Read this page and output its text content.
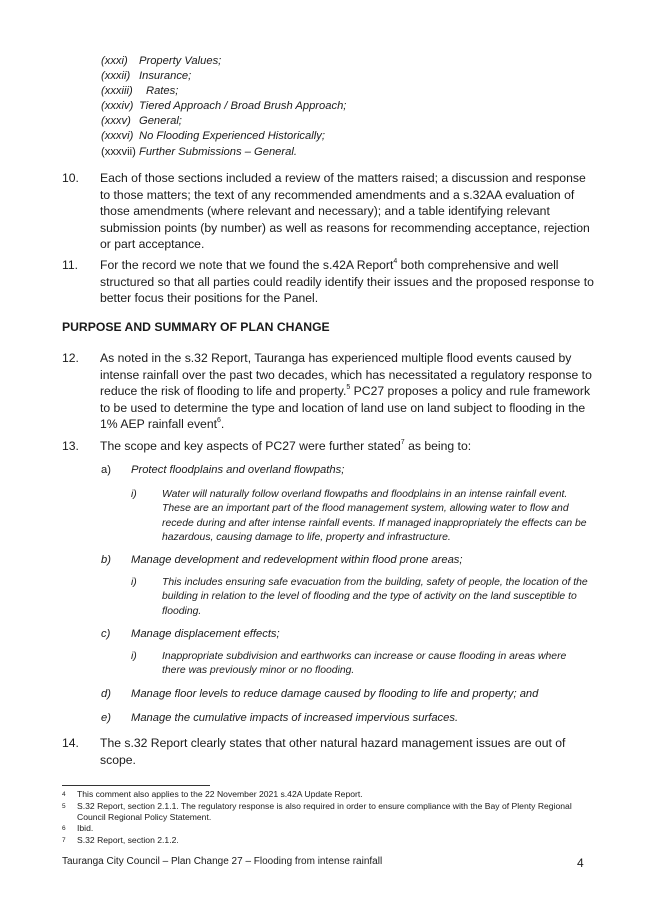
(xxxi) Property Values;
(xxxii) Insurance;
(xxxiii) Rates;
(xxxiv) Tiered Approach / Broad Brush Approach;
(xxxv) General;
(xxxvi) No Flooding Experienced Historically;
(xxxvii) Further Submissions – General.
10. Each of those sections included a review of the matters raised; a discussion and response to those matters; the text of any recommended amendments and a s.32AA evaluation of those amendments (where relevant and necessary); and a table identifying relevant submission points (by number) as well as reasons for recommending acceptance, rejection or part acceptance.
11. For the record we note that we found the s.42A Report$^4$ both comprehensive and well structured so that all parties could readily identify their issues and the proposed response to better focus their positions for the Panel.
PURPOSE AND SUMMARY OF PLAN CHANGE
12. As noted in the s.32 Report, Tauranga has experienced multiple flood events caused by intense rainfall over the past two decades, which has necessitated a regulatory response to reduce the risk of flooding to life and property.$^5$ PC27 proposes a policy and rule framework to be used to determine the type and location of land use on land subject to flooding in the 1% AEP rainfall event$^6$.
13. The scope and key aspects of PC27 were further stated$^7$ as being to:
a) Protect floodplains and overland flowpaths;
i) Water will naturally follow overland flowpaths and floodplains in an intense rainfall event. These are an important part of the flood management system, allowing water to flow and recede during and after intense rainfall events. If managed inappropriately the effects can be hazardous, causing damage to life, property and infrastructure.
b) Manage development and redevelopment within flood prone areas;
i) This includes ensuring safe evacuation from the building, safety of people, the location of the building in relation to the level of flooding and the type of activity on the land susceptible to flooding.
c) Manage displacement effects;
i) Inappropriate subdivision and earthworks can increase or cause flooding in areas where there was previously minor or no flooding.
d) Manage floor levels to reduce damage caused by flooding to life and property; and
e) Manage the cumulative impacts of increased impervious surfaces.
14. The s.32 Report clearly states that other natural hazard management issues are out of scope.
4 This comment also applies to the 22 November 2021 s.42A Update Report.
5 S.32 Report, section 2.1.1. The regulatory response is also required in order to ensure compliance with the Bay of Plenty Regional Council Regional Policy Statement.
6 Ibid.
7 S.32 Report, section 2.1.2.
Tauranga City Council – Plan Change 27 – Flooding from intense rainfall	4
